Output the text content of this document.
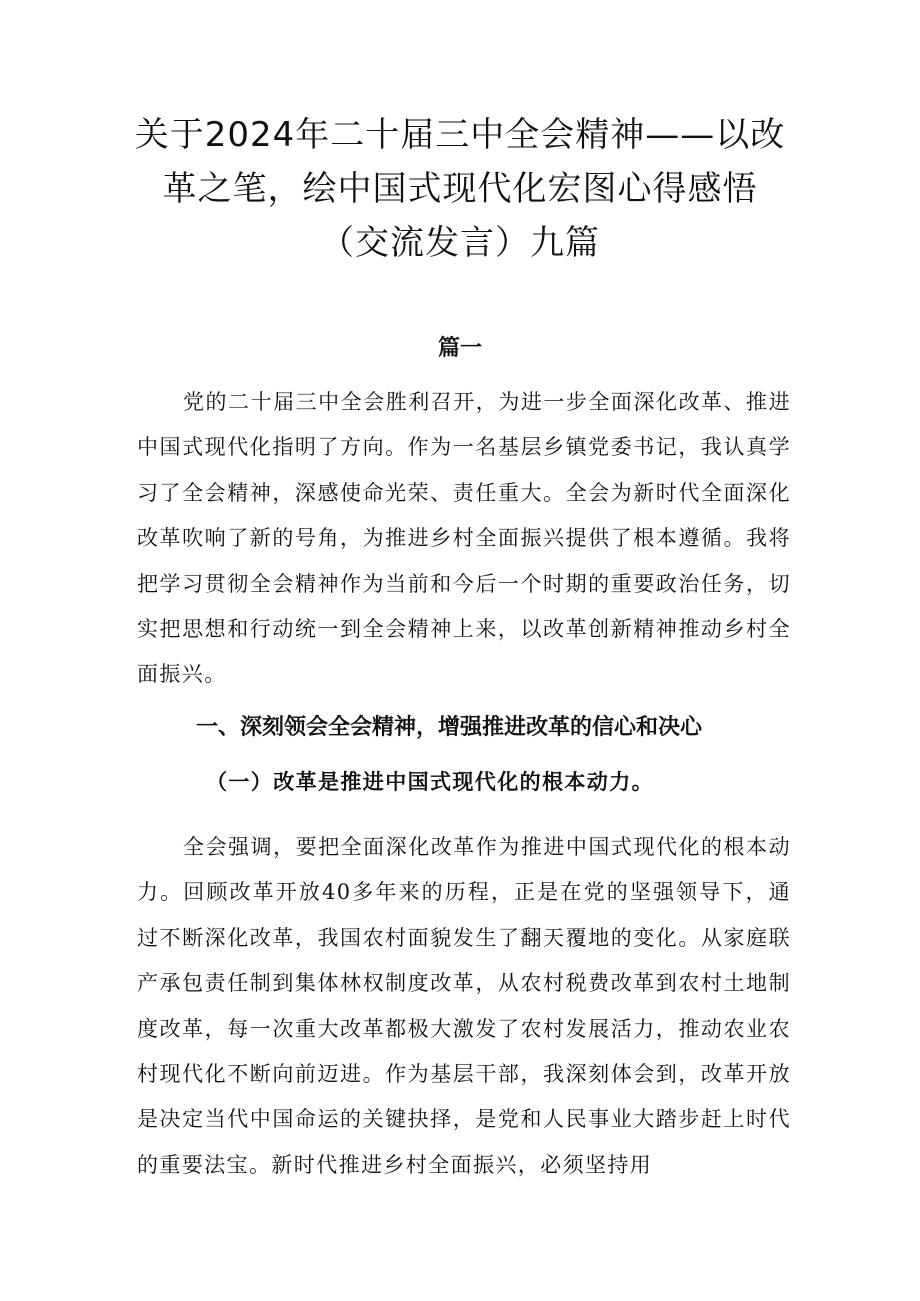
关于2024年二十届三中全会精神——以改
革之笔，绘中国式现代化宏图心得感悟
（交流发言）九篇
篇一

党的二十届三中全会胜利召开，为进一步全面深化改革、推进中国式现代化指明了方向。作为一名基层乡镇党委书记，我认真学习了全会精神，深感使命光荣、责任重大。全会为新时代全面深化改革吹响了新的号角，为推进乡村全面振兴提供了根本遵循。我将把学习贯彻全会精神作为当前和今后一个时期的重要政治任务，切实把思想和行动统一到全会精神上来，以改革创新精神推动乡村全面振兴。

一、深刻领会全会精神，增强推进改革的信心和决心
（一）改革是推进中国式现代化的根本动力。

全会强调，要把全面深化改革作为推进中国式现代化的根本动力。回顾改革开放40多年来的历程，正是在党的坚强领导下，通过不断深化改革，我国农村面貌发生了翻天覆地的变化。从家庭联产承包责任制到集体林权制度改革，从农村税费改革到农村土地制度改革，每一次重大改革都极大激发了农村发展活力，推动农业农村现代化不断向前迈进。作为基层干部，我深刻体会到，改革开放是决定当代中国命运的关键抉择，是党和人民事业大踏步赶上时代的重要法宝。新时代推进乡村全面振兴，必须坚持用
